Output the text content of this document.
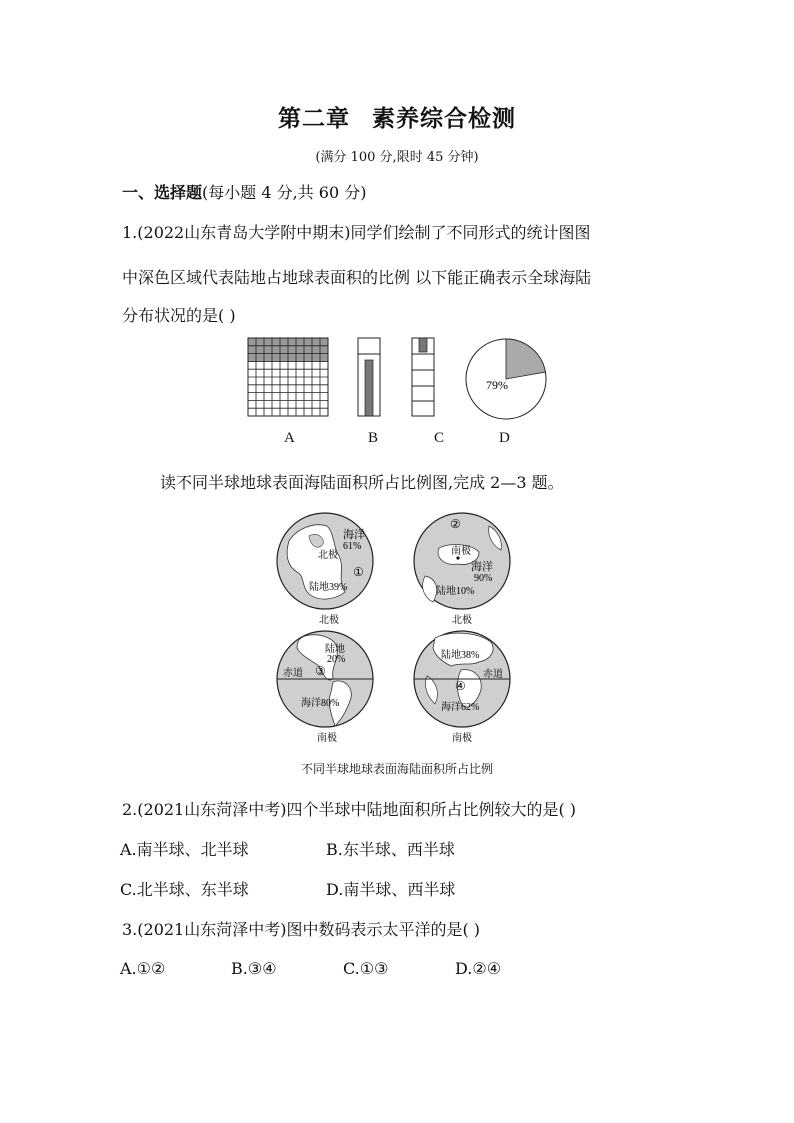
第二章 素养综合检测
(满分 100 分,限时 45 分钟)
一、选择题(每小题 4 分,共 60 分)
1.(2022山东青岛大学附中期末)同学们绘制了不同形式的统计图图
中深色区域代表陆地占地球表面积的比例 以下能正确表示全球海陆
分布状况的是( )
79%
A	B	C	D
读不同半球地球表面海陆面积所占比例图,完成 2—3 题。
海洋
61%
北极
①
陆地39%
②
南极
海洋
90%
陆地10%
北极	北极
陆地
20%
③
赤道
海洋80%
陆地38%
④
赤道
海洋62%
南极	南极
不同半球地球表面海陆面积所占比例
2.(2021山东菏泽中考)四个半球中陆地面积所占比例较大的是( )
A.南半球、北半球	B.东半球、西半球
C.北半球、东半球	D.南半球、西半球
3.(2021山东菏泽中考)图中数码表示太平洋的是( )
A.①②	B.③④	C.①③	D.②④
